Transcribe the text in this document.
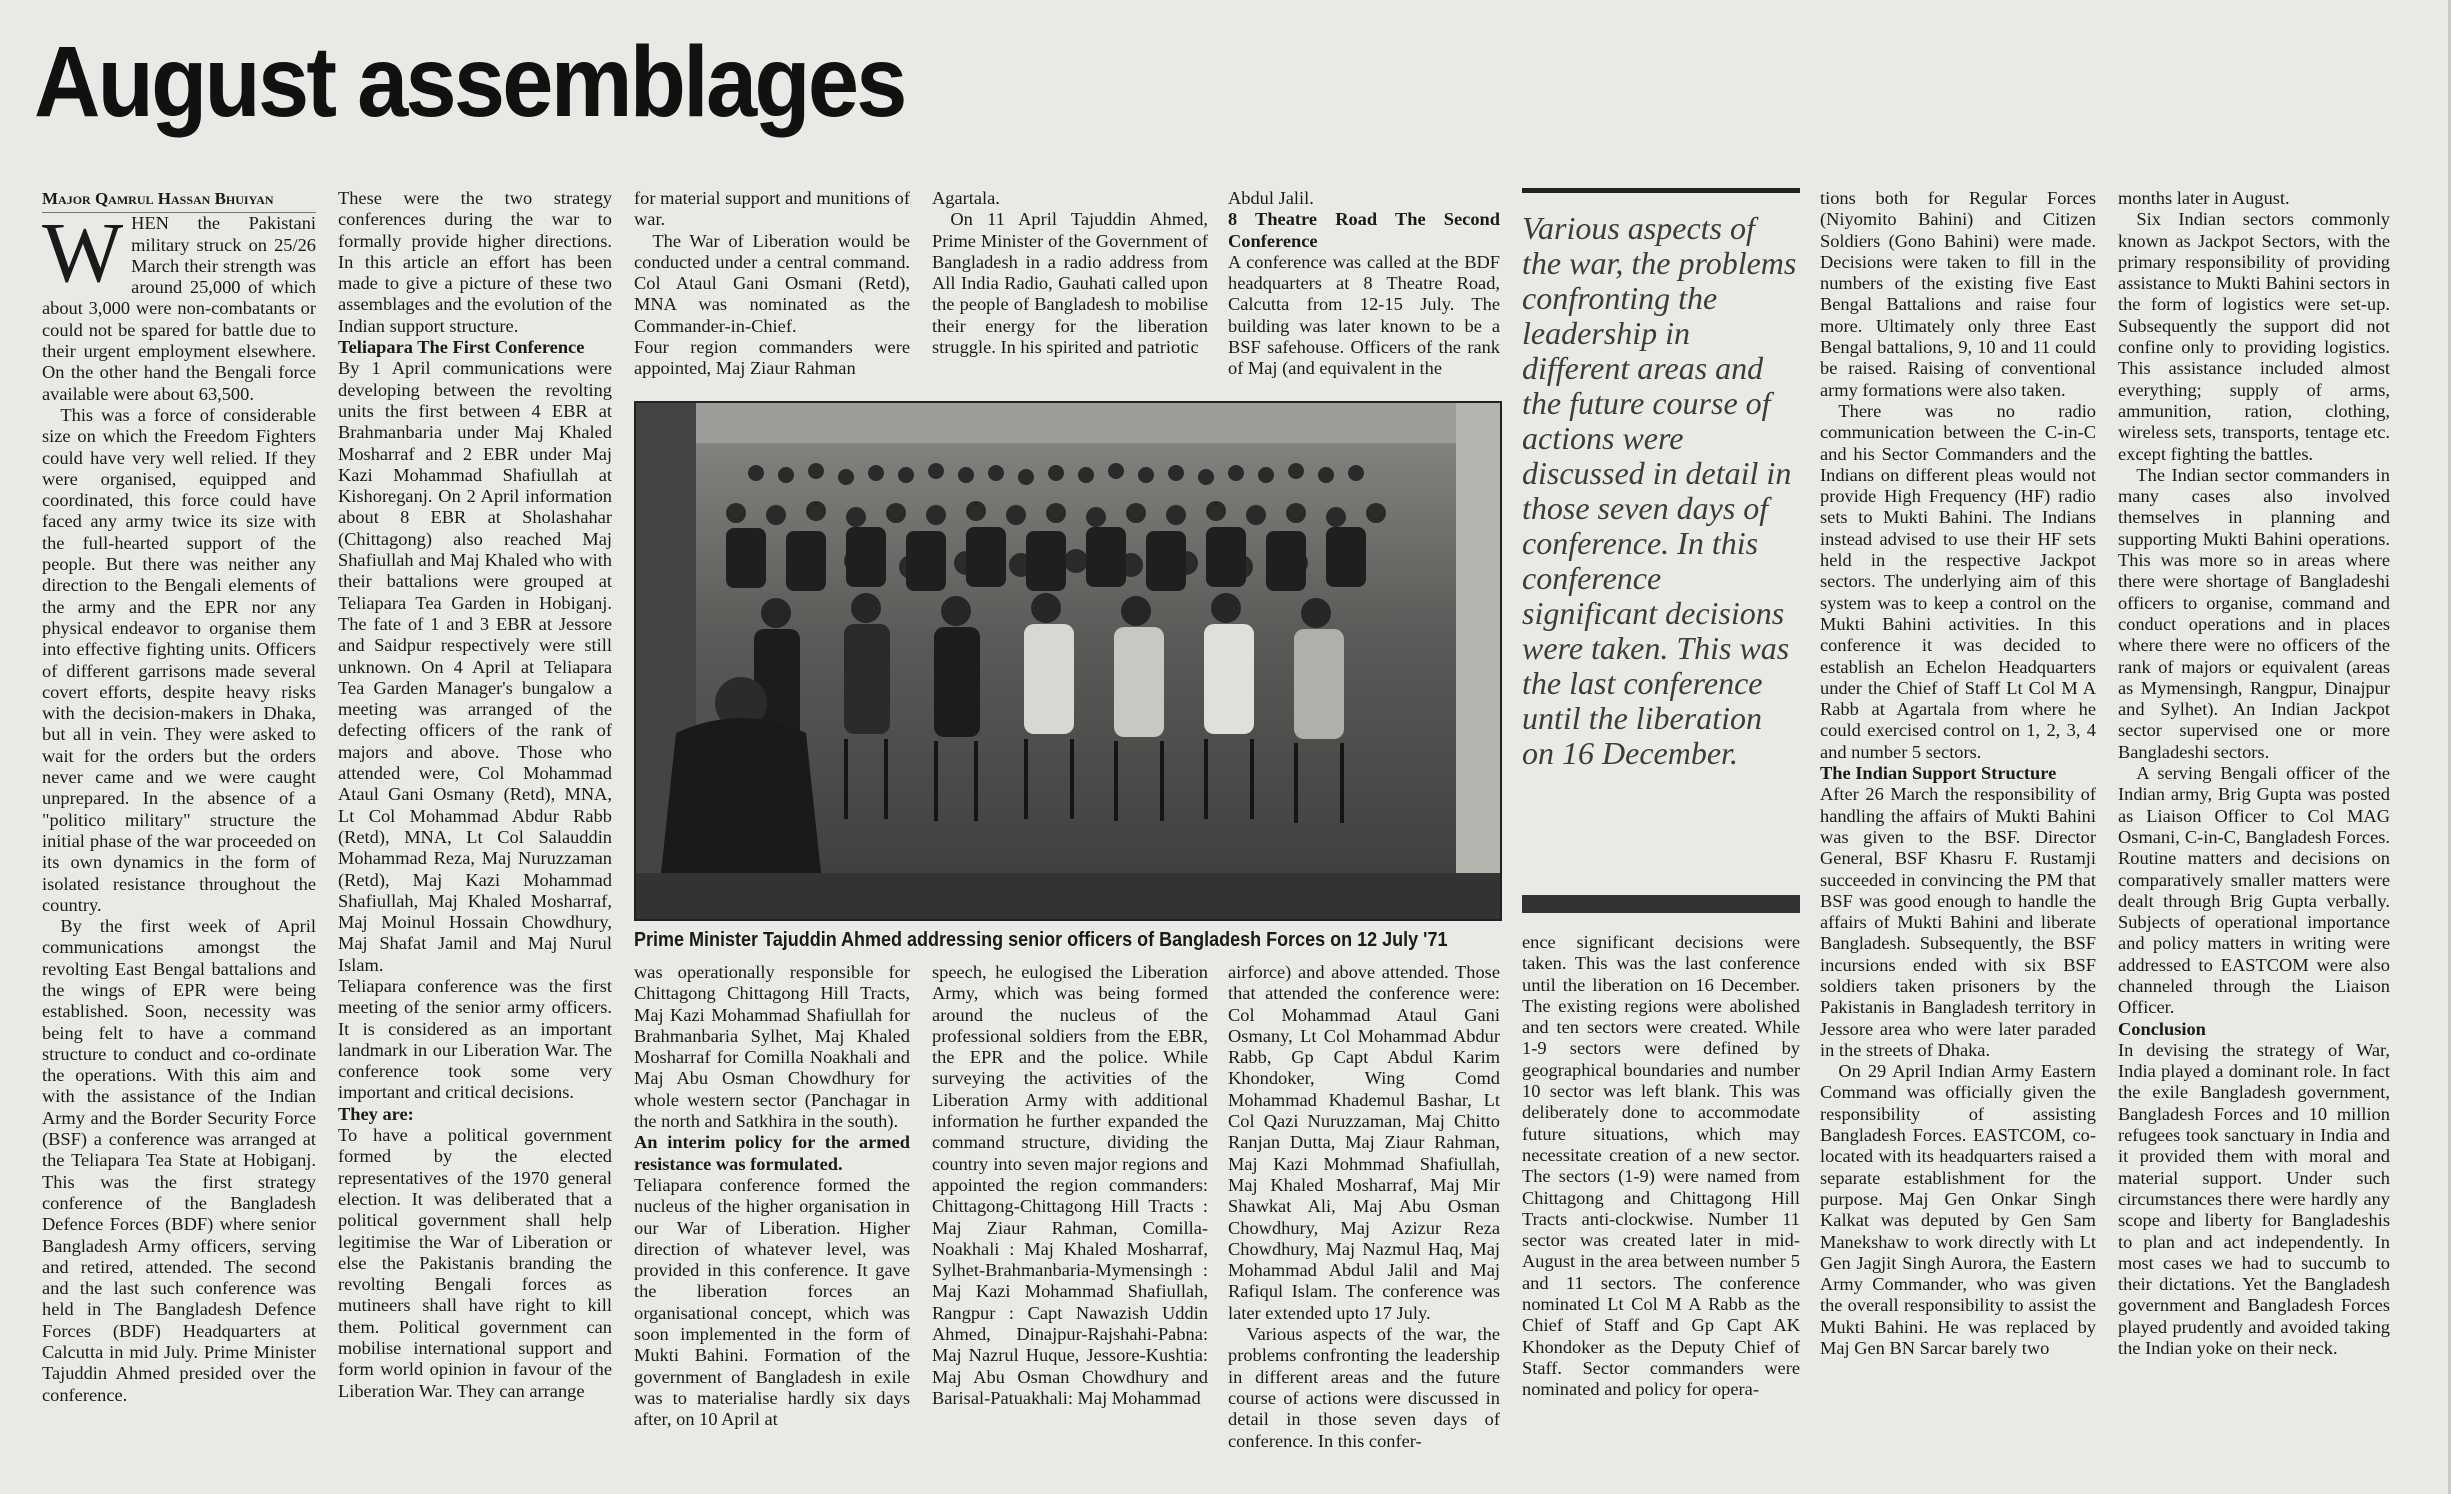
August assemblages

Major Qamrul Hassan Bhuiyan

WHEN the Pakistani military struck on 25/26 March their strength was around 25,000 of which about 3,000 were non-combatants or could not be spared for battle due to their urgent employment elsewhere. On the other hand the Bengali force available were about 63,500.

This was a force of considerable size on which the Freedom Fighters could have very well relied. If they were organised, equipped and coordinated, this force could have faced any army twice its size with the full-hearted support of the people. But there was neither any direction to the Bengali elements of the army and the EPR nor any physical endeavor to organise them into effective fighting units. Officers of different garrisons made several covert efforts, despite heavy risks with the decision-makers in Dhaka, but all in vein. They were asked to wait for the orders but the orders never came and we were caught unprepared. In the absence of a "politico military" structure the initial phase of the war proceeded on its own dynamics in the form of isolated resistance throughout the country.

By the first week of April communications amongst the revolting East Bengal battalions and the wings of EPR were being established. Soon, necessity was being felt to have a command structure to conduct and co-ordinate the operations. With this aim and with the assistance of the Indian Army and the Border Security Force (BSF) a conference was arranged at the Teliapara Tea State at Hobiganj. This was the first strategy conference of the Bangladesh Defence Forces (BDF) where senior Bangladesh Army officers, serving and retired, attended. The second and the last such conference was held in The Bangladesh Defence Forces (BDF) Headquarters at Calcutta in mid July. Prime Minister Tajuddin Ahmed presided over the conference.

These were the two strategy conferences during the war to formally provide higher directions. In this article an effort has been made to give a picture of these two assemblages and the evolution of the Indian support structure.

Teliapara The First Conference

By 1 April communications were developing between the revolting units the first between 4 EBR at Brahmanbaria under Maj Khaled Mosharraf and 2 EBR under Maj Kazi Mohammad Shafiullah at Kishoreganj. On 2 April information about 8 EBR at Sholashahar (Chittagong) also reached Maj Shafiullah and Maj Khaled who with their battalions were grouped at Teliapara Tea Garden in Hobiganj. The fate of 1 and 3 EBR at Jessore and Saidpur respectively were still unknown. On 4 April at Teliapara Tea Garden Manager's bungalow a meeting was arranged of the defecting officers of the rank of majors and above. Those who attended were, Col Mohammad Ataul Gani Osmany (Retd), MNA, Lt Col Mohammad Abdur Rabb (Retd), MNA, Lt Col Salauddin Mohammad Reza, Maj Nuruzzaman (Retd), Maj Kazi Mohammad Shafiullah, Maj Khaled Mosharraf, Maj Moinul Hossain Chowdhury, Maj Shafat Jamil and Maj Nurul Islam.

Teliapara conference was the first meeting of the senior army officers. It is considered as an important landmark in our Liberation War. The conference took some very important and critical decisions.

They are:

To have a political government formed by the elected representatives of the 1970 general election. It was deliberated that a political government shall help legitimise the War of Liberation or else the Pakistanis branding the revolting Bengali forces as mutineers shall have right to kill them. Political government can mobilise international support and form world opinion in favour of the Liberation War. They can arrange

for material support and munitions of war.

The War of Liberation would be conducted under a central command. Col Ataul Gani Osmani (Retd), MNA was nominated as the Commander-in-Chief.

Four region commanders were appointed, Maj Ziaur Rahman

Agartala.

On 11 April Tajuddin Ahmed, Prime Minister of the Government of Bangladesh in a radio address from All India Radio, Gauhati called upon the people of Bangladesh to mobilise their energy for the liberation struggle. In his spirited and patriotic

Abdul Jalil.

8 Theatre Road The Second Conference

A conference was called at the BDF headquarters at 8 Theatre Road, Calcutta from 12-15 July. The building was later known to be a BSF safehouse. Officers of the rank of Maj (and equivalent in the

Prime Minister Tajuddin Ahmed addressing senior officers of Bangladesh Forces on 12 July '71

was operationally responsible for Chittagong Chittagong Hill Tracts, Maj Kazi Mohammad Shafiullah for Brahmanbaria Sylhet, Maj Khaled Mosharraf for Comilla Noakhali and Maj Abu Osman Chowdhury for whole western sector (Panchagar in the north and Satkhira in the south).

An interim policy for the armed resistance was formulated.

Teliapara conference formed the nucleus of the higher organisation in our War of Liberation. Higher direction of whatever level, was provided in this conference. It gave the liberation forces an organisational concept, which was soon implemented in the form of Mukti Bahini. Formation of the government of Bangladesh in exile was to materialise hardly six days after, on 10 April at

speech, he eulogised the Liberation Army, which was being formed around the nucleus of the professional soldiers from the EBR, the EPR and the police. While surveying the activities of the Liberation Army with additional information he further expanded the command structure, dividing the country into seven major regions and appointed the region commanders: Chittagong-Chittagong Hill Tracts : Maj Ziaur Rahman, Comilla-Noakhali : Maj Khaled Mosharraf, Sylhet-Brahmanbaria-Mymensingh : Maj Kazi Mohammad Shafiullah, Rangpur : Capt Nawazish Uddin Ahmed, Dinajpur-Rajshahi-Pabna: Maj Nazrul Huque, Jessore-Kushtia: Maj Abu Osman Chowdhury and Barisal-Patuakhali: Maj Mohammad

airforce) and above attended. Those that attended the conference were: Col Mohammad Ataul Gani Osmany, Lt Col Mohammad Abdur Rabb, Gp Capt Abdul Karim Khondoker, Wing Comd Mohammad Khademul Bashar, Lt Col Qazi Nuruzzaman, Maj Chitto Ranjan Dutta, Maj Ziaur Rahman, Maj Kazi Mohmmad Shafiullah, Maj Khaled Mosharraf, Maj Mir Shawkat Ali, Maj Abu Osman Chowdhury, Maj Azizur Reza Chowdhury, Maj Nazmul Haq, Maj Mohammad Abdul Jalil and Maj Rafiqul Islam. The conference was later extended upto 17 July.

Various aspects of the war, the problems confronting the leadership in different areas and the future course of actions were discussed in detail in those seven days of conference. In this confer-

Various aspects of the war, the problems confronting the leadership in different areas and the future course of actions were discussed in detail in those seven days of conference. In this conference significant decisions were taken. This was the last conference until the liberation on 16 December.

ence significant decisions were taken. This was the last conference until the liberation on 16 December. The existing regions were abolished and ten sectors were created. While 1-9 sectors were defined by geographical boundaries and number 10 sector was left blank. This was deliberately done to accommodate future situations, which may necessitate creation of a new sector. The sectors (1-9) were named from Chittagong and Chittagong Hill Tracts anti-clockwise. Number 11 sector was created later in mid-August in the area between number 5 and 11 sectors. The conference nominated Lt Col M A Rabb as the Chief of Staff and Gp Capt AK Khondoker as the Deputy Chief of Staff. Sector commanders were nominated and policy for opera-

tions both for Regular Forces (Niyomito Bahini) and Citizen Soldiers (Gono Bahini) were made. Decisions were taken to fill in the numbers of the existing five East Bengal Battalions and raise four more. Ultimately only three East Bengal battalions, 9, 10 and 11 could be raised. Raising of conventional army formations were also taken.

There was no radio communication between the C-in-C and his Sector Commanders and the Indians on different pleas would not provide High Frequency (HF) radio sets to Mukti Bahini. The Indians instead advised to use their HF sets held in the respective Jackpot sectors. The underlying aim of this system was to keep a control on the Mukti Bahini activities. In this conference it was decided to establish an Echelon Headquarters under the Chief of Staff Lt Col M A Rabb at Agartala from where he could exercised control on 1, 2, 3, 4 and number 5 sectors.

The Indian Support Structure

After 26 March the responsibility of handling the affairs of Mukti Bahini was given to the BSF. Director General, BSF Khasru F. Rustamji succeeded in convincing the PM that BSF was good enough to handle the affairs of Mukti Bahini and liberate Bangladesh. Subsequently, the BSF incursions ended with six BSF soldiers taken prisoners by the Pakistanis in Bangladesh territory in Jessore area who were later paraded in the streets of Dhaka.

On 29 April Indian Army Eastern Command was officially given the responsibility of assisting Bangladesh Forces. EASTCOM, co-located with its headquarters raised a separate establishment for the purpose. Maj Gen Onkar Singh Kalkat was deputed by Gen Sam Manekshaw to work directly with Lt Gen Jagjit Singh Aurora, the Eastern Army Commander, who was given the overall responsibility to assist the Mukti Bahini. He was replaced by Maj Gen BN Sarcar barely two

months later in August.

Six Indian sectors commonly known as Jackpot Sectors, with the primary responsibility of providing assistance to Mukti Bahini sectors in the form of logistics were set-up. Subsequently the support did not confine only to providing logistics. This assistance included almost everything; supply of arms, ammunition, ration, clothing, wireless sets, transports, tentage etc. except fighting the battles.

The Indian sector commanders in many cases also involved themselves in planning and supporting Mukti Bahini operations. This was more so in areas where there were shortage of Bangladeshi officers to organise, command and conduct operations and in places where there were no officers of the rank of majors or equivalent (areas as Mymensingh, Rangpur, Dinajpur and Sylhet). An Indian Jackpot sector supervised one or more Bangladeshi sectors.

A serving Bengali officer of the Indian army, Brig Gupta was posted as Liaison Officer to Col MAG Osmani, C-in-C, Bangladesh Forces. Routine matters and decisions on comparatively smaller matters were dealt through Brig Gupta verbally. Subjects of operational importance and policy matters in writing were addressed to EASTCOM were also channeled through the Liaison Officer.

Conclusion

In devising the strategy of War, India played a dominant role. In fact the exile Bangladesh government, Bangladesh Forces and 10 million refugees took sanctuary in India and it provided them with moral and material support. Under such circumstances there were hardly any scope and liberty for Bangladeshis to plan and act independently. In most cases we had to succumb to their dictations. Yet the Bangladesh government and Bangladesh Forces played prudently and avoided taking the Indian yoke on their neck.
